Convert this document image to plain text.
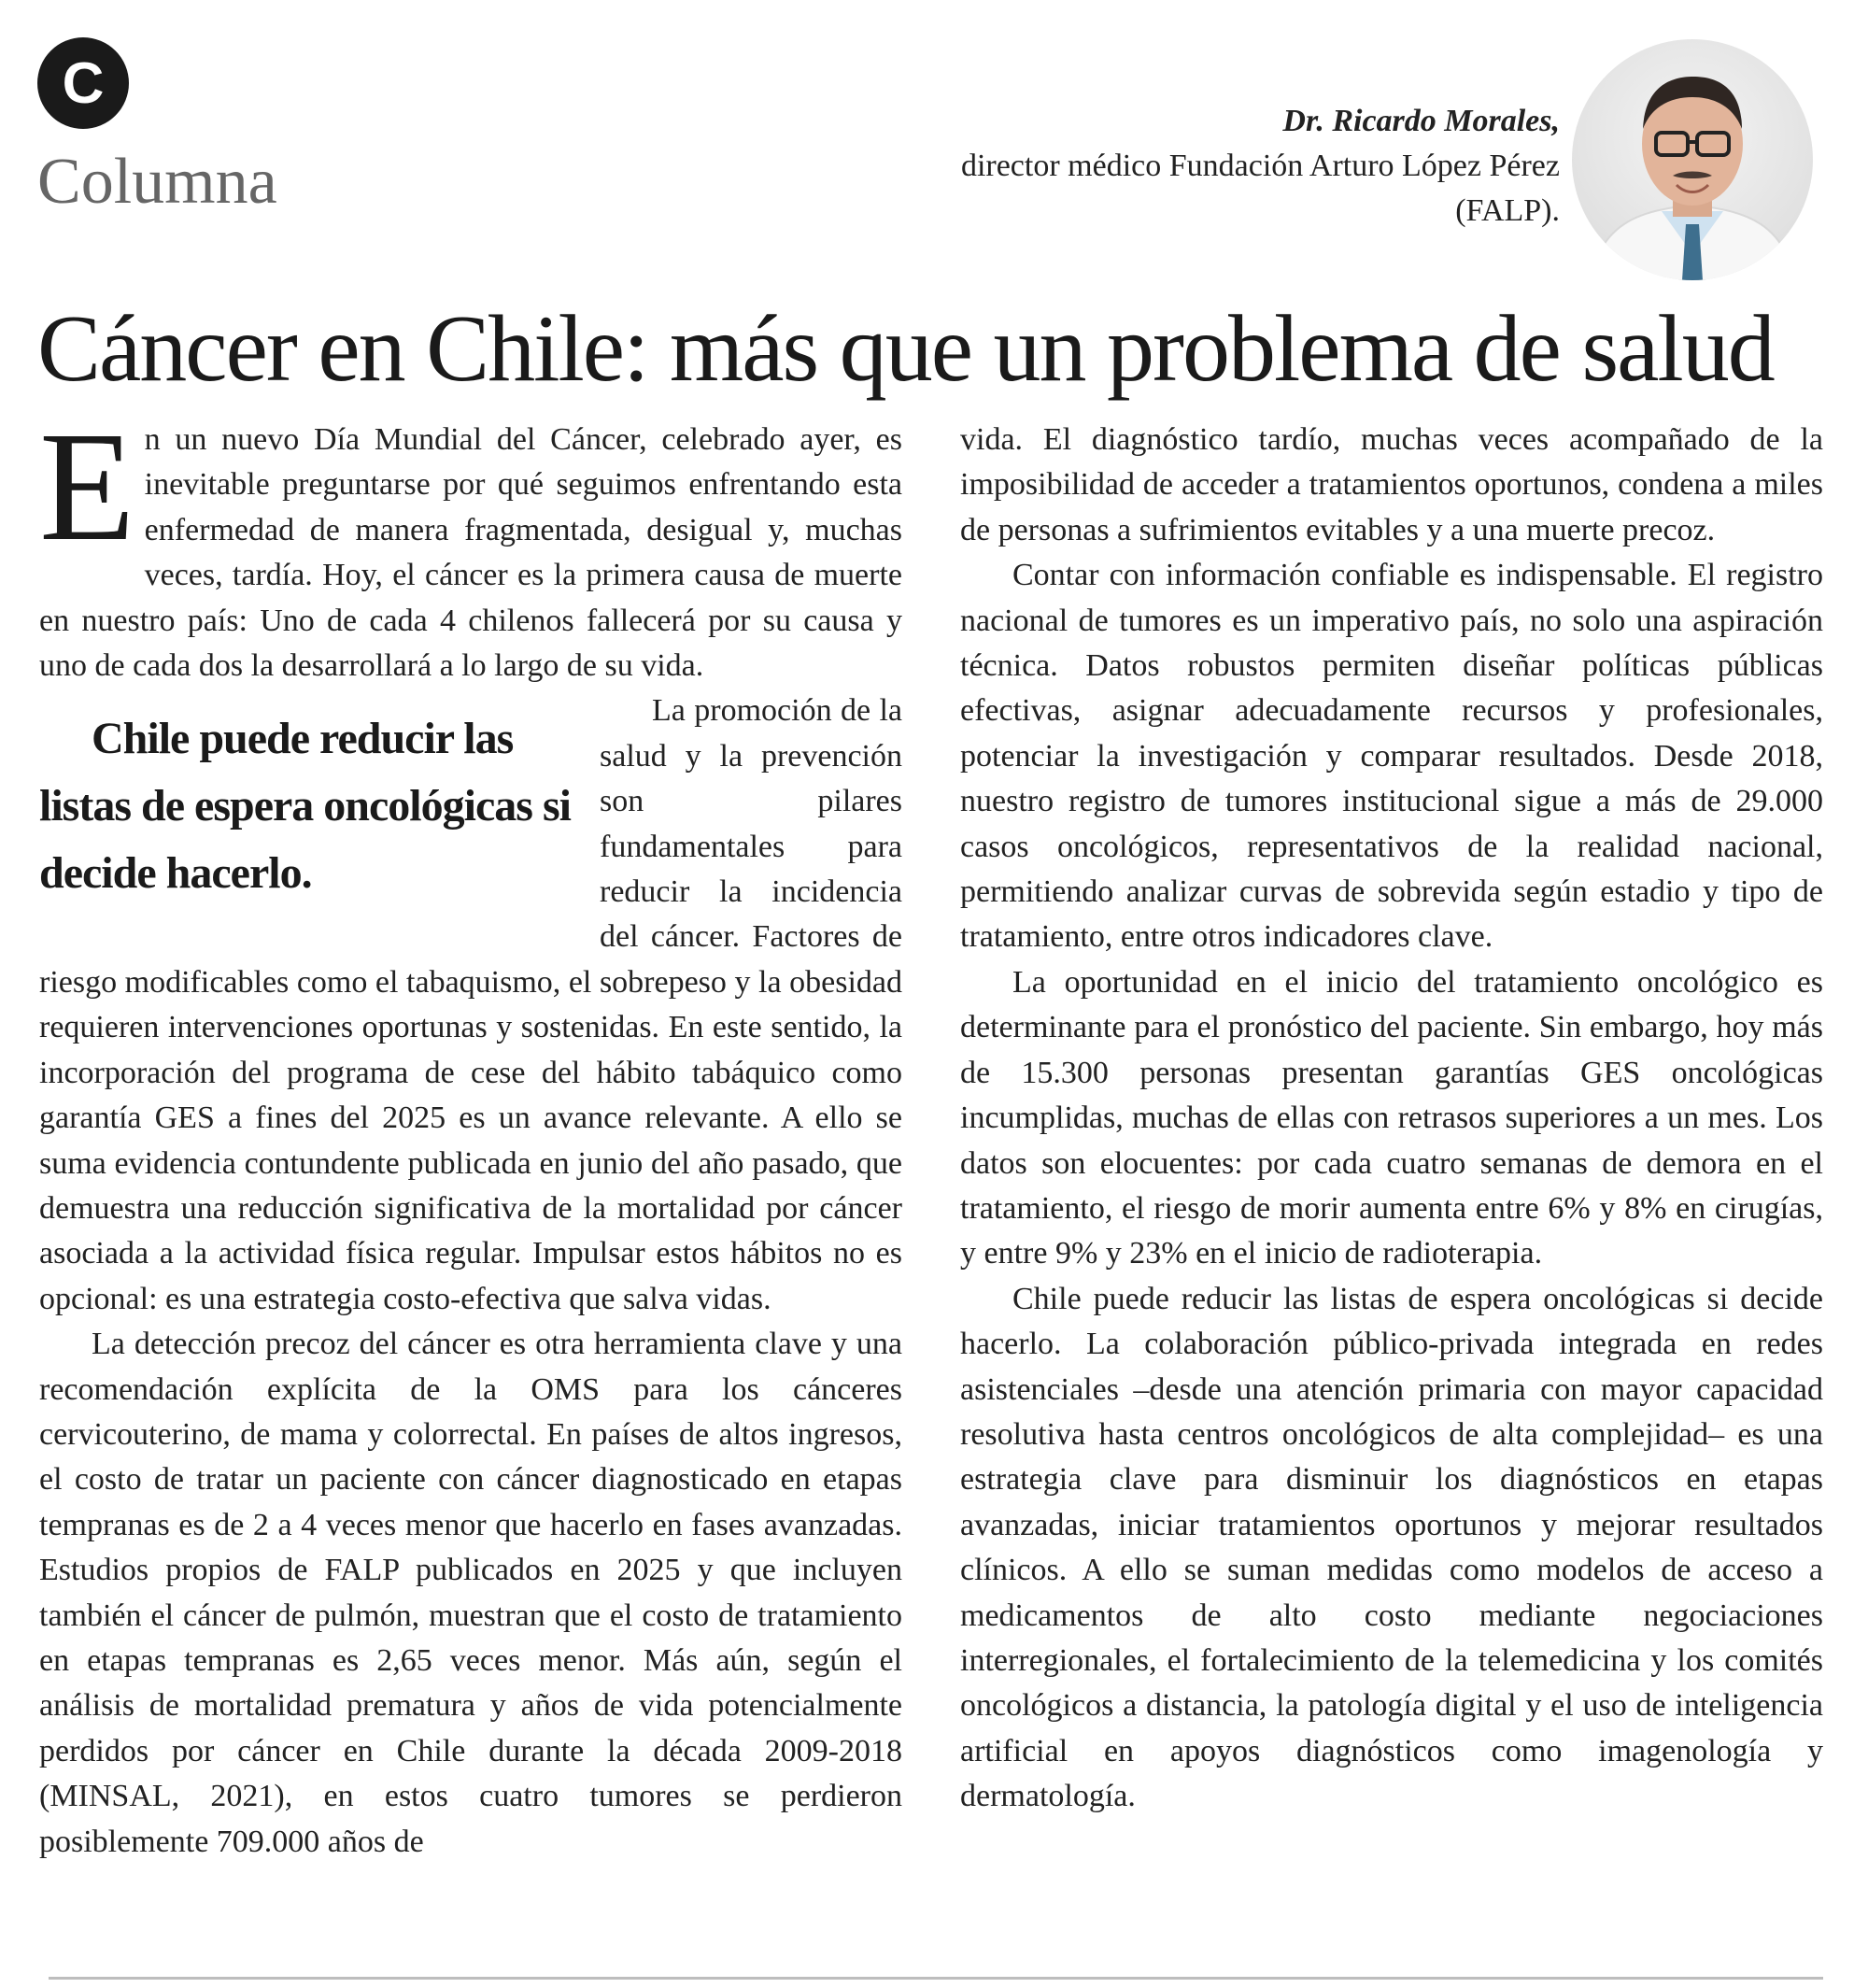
C
Columna
Dr. Ricardo Morales,
director médico Fundación Arturo López Pérez (FALP).
Cáncer en Chile: más que un problema de salud

En un nuevo Día Mundial del Cáncer, celebrado ayer, es inevitable preguntarse por qué seguimos enfrentando esta enfermedad de manera fragmentada, desigual y, muchas veces, tardía. Hoy, el cáncer es la primera causa de muerte en nuestro país: Uno de cada 4 chilenos fallecerá por su causa y uno de cada dos la desarrollará a lo largo de su vida.

Chile puede reducir las listas de espera oncológicas si decide hacerlo.
La promoción de la salud y la prevención son pilares fundamentales para reducir la incidencia del cáncer. Factores de riesgo modificables como el tabaquismo, el sobrepeso y la obesidad requieren intervenciones oportunas y sostenidas. En este sentido, la incorporación del programa de cese del hábito tabáquico como garantía GES a fines del 2025 es un avance relevante. A ello se suma evidencia contundente publicada en junio del año pasado, que demuestra una reducción significativa de la mortalidad por cáncer asociada a la actividad física regular. Impulsar estos hábitos no es opcional: es una estrategia costo-efectiva que salva vidas.

La detección precoz del cáncer es otra herramienta clave y una recomendación explícita de la OMS para los cánceres cervicouterino, de mama y colorrectal. En países de altos ingresos, el costo de tratar un paciente con cáncer diagnosticado en etapas tempranas es de 2 a 4 veces menor que hacerlo en fases avanzadas. Estudios propios de FALP publicados en 2025 y que incluyen también el cáncer de pulmón, muestran que el costo de tratamiento en etapas tempranas es 2,65 veces menor. Más aún, según el análisis de mortalidad prematura y años de vida potencialmente perdidos por cáncer en Chile durante la década 2009-2018 (MINSAL, 2021), en estos cuatro tumores se perdieron posiblemente 709.000 años de

vida. El diagnóstico tardío, muchas veces acompañado de la imposibilidad de acceder a tratamientos oportunos, condena a miles de personas a sufrimientos evitables y a una muerte precoz.

Contar con información confiable es indispensable. El registro nacional de tumores es un imperativo país, no solo una aspiración técnica. Datos robustos permiten diseñar políticas públicas efectivas, asignar adecuadamente recursos y profesionales, potenciar la investigación y comparar resultados. Desde 2018, nuestro registro de tumores institucional sigue a más de 29.000 casos oncológicos, representativos de la realidad nacional, permitiendo analizar curvas de sobrevida según estadio y tipo de tratamiento, entre otros indicadores clave.

La oportunidad en el inicio del tratamiento oncológico es determinante para el pronóstico del paciente. Sin embargo, hoy más de 15.300 personas presentan garantías GES oncológicas incumplidas, muchas de ellas con retrasos superiores a un mes. Los datos son elocuentes: por cada cuatro semanas de demora en el tratamiento, el riesgo de morir aumenta entre 6% y 8% en cirugías, y entre 9% y 23% en el inicio de radioterapia.

Chile puede reducir las listas de espera oncológicas si decide hacerlo. La colaboración público-privada integrada en redes asistenciales –desde una atención primaria con mayor capacidad resolutiva hasta centros oncológicos de alta complejidad– es una estrategia clave para disminuir los diagnósticos en etapas avanzadas, iniciar tratamientos oportunos y mejorar resultados clínicos. A ello se suman medidas como modelos de acceso a medicamentos de alto costo mediante negociaciones interregionales, el fortalecimiento de la telemedicina y los comités oncológicos a distancia, la patología digital y el uso de inteligencia artificial en apoyos diagnósticos como imagenología y dermatología.
